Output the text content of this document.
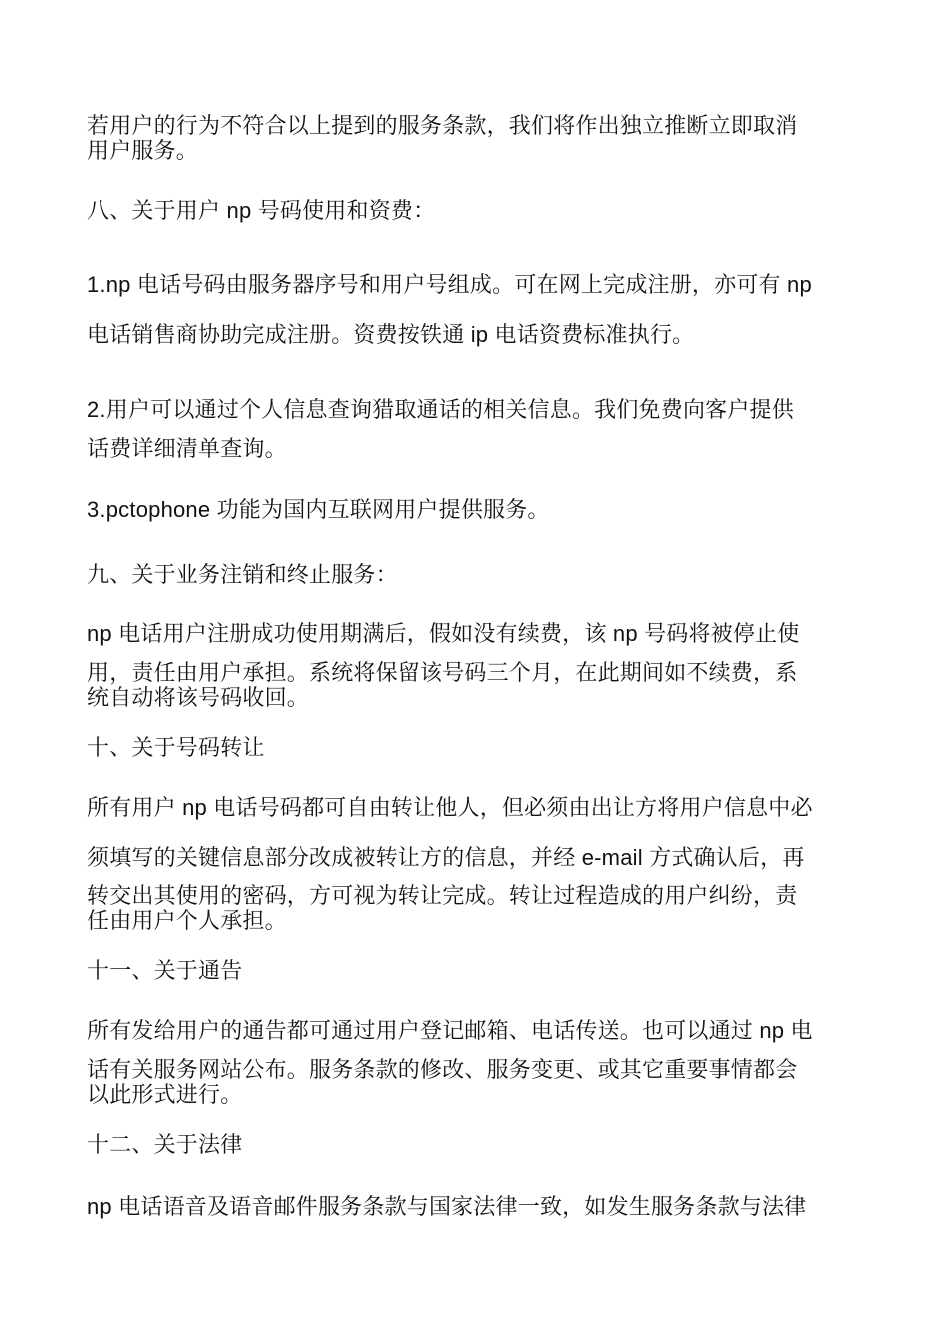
若用户的行为不符合以上提到的服务条款，我们将作出独立推断立即取消
用户服务。
八、关于用户 np 号码使用和资费：
1.np 电话号码由服务器序号和用户号组成。可在网上完成注册，亦可有 np
电话销售商协助完成注册。资费按铁通 ip 电话资费标准执行。
2.用户可以通过个人信息查询猎取通话的相关信息。我们免费向客户提供
话费详细清单查询。
3.pctophone 功能为国内互联网用户提供服务。
九、关于业务注销和终止服务：
np 电话用户注册成功使用期满后，假如没有续费，该 np 号码将被停止使
用，责任由用户承担。系统将保留该号码三个月，在此期间如不续费，系
统自动将该号码收回。
十、关于号码转让
所有用户 np 电话号码都可自由转让他人，但必须由出让方将用户信息中必
须填写的关键信息部分改成被转让方的信息，并经 e-mail 方式确认后，再
转交出其使用的密码，方可视为转让完成。转让过程造成的用户纠纷，责
任由用户个人承担。
十一、关于通告
所有发给用户的通告都可通过用户登记邮箱、电话传送。也可以通过 np 电
话有关服务网站公布。服务条款的修改、服务变更、或其它重要事情都会
以此形式进行。
十二、关于法律
np 电话语音及语音邮件服务条款与国家法律一致，如发生服务条款与法律
